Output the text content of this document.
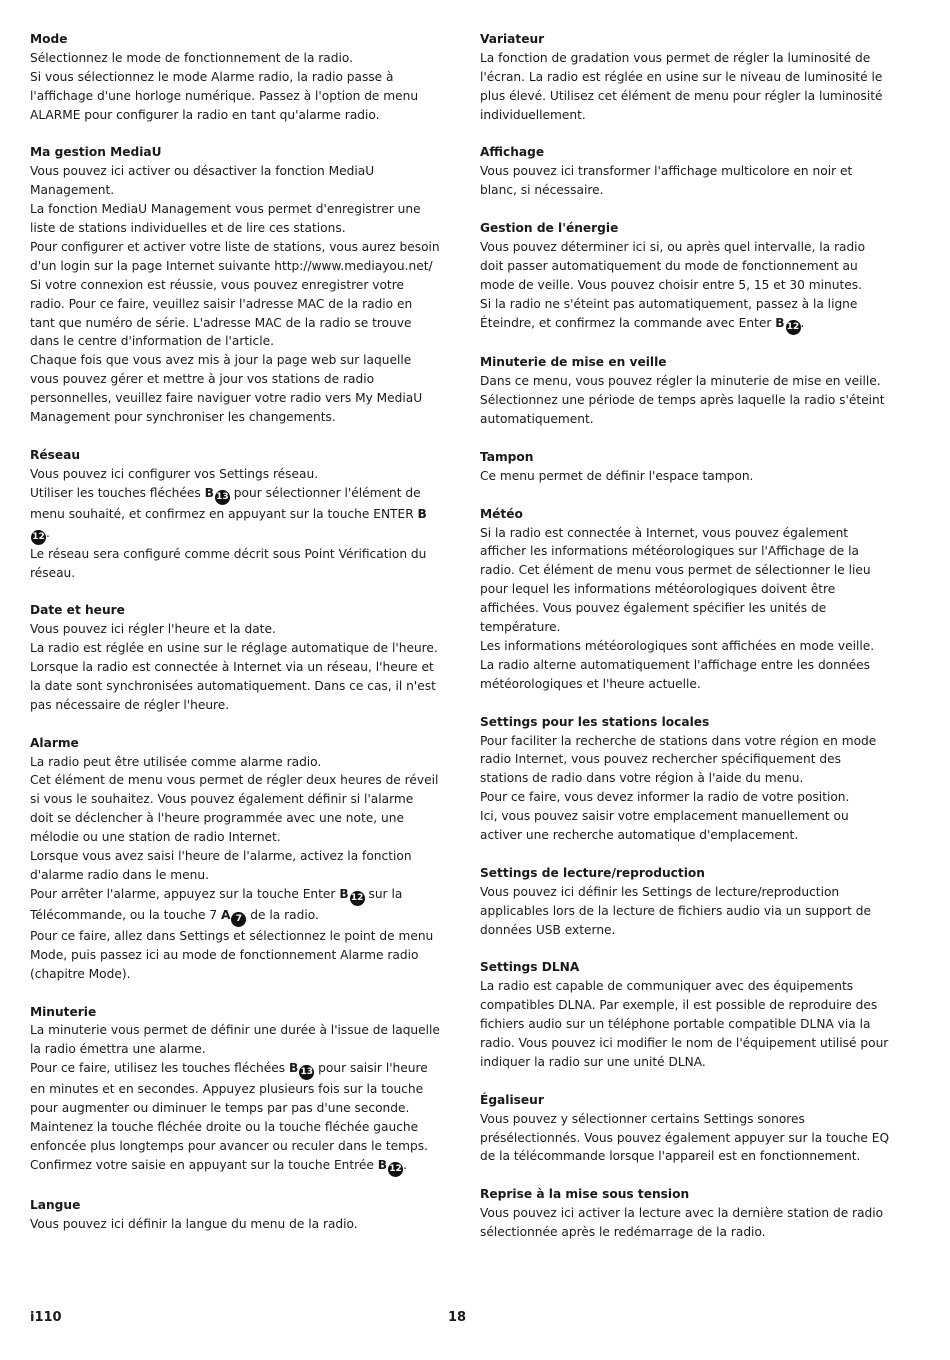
Mode

Sélectionnez le mode de fonctionnement de la radio.

Si vous sélectionnez le mode Alarme radio, la radio passe à l'affichage d'une horloge numérique. Passez à l'option de menu ALARME pour configurer la radio en tant qu'alarme radio.

Ma gestion MediaU

Vous pouvez ici activer ou désactiver la fonction MediaU Management.

La fonction MediaU Management vous permet d'enregistrer une liste de stations individuelles et de lire ces stations.

Pour configurer et activer votre liste de stations, vous aurez besoin d'un login sur la page Internet suivante http://www.mediayou.net/

Si votre connexion est réussie, vous pouvez enregistrer votre radio. Pour ce faire, veuillez saisir l'adresse MAC de la radio en tant que numéro de série. L'adresse MAC de la radio se trouve dans le centre d'information de l'article.

Chaque fois que vous avez mis à jour la page web sur laquelle vous pouvez gérer et mettre à jour vos stations de radio personnelles, veuillez faire naviguer votre radio vers My MediaU Management pour synchroniser les changements.

Réseau

Vous pouvez ici configurer vos Settings réseau.

Utiliser les touches fléchées B 13 pour sélectionner l'élément de menu souhaité, et confirmez en appuyant sur la touche ENTER B12.

Le réseau sera configuré comme décrit sous Point Vérification du réseau.

Date et heure

Vous pouvez ici régler l'heure et la date.

La radio est réglée en usine sur le réglage automatique de l'heure. Lorsque la radio est connectée à Internet via un réseau, l'heure et la date sont synchronisées automatiquement. Dans ce cas, il n'est pas nécessaire de régler l'heure.

Alarme

La radio peut être utilisée comme alarme radio.

Cet élément de menu vous permet de régler deux heures de réveil si vous le souhaitez. Vous pouvez également définir si l'alarme doit se déclencher à l'heure programmée avec une note, une mélodie ou une station de radio Internet.

Lorsque vous avez saisi l'heure de l'alarme, activez la fonction d'alarme radio dans le menu.

Pour arrêter l'alarme, appuyez sur la touche Enter B 12 sur la Télécommande, ou la touche 7 A 7 de la radio.

Pour ce faire, allez dans Settings et sélectionnez le point de menu Mode, puis passez ici au mode de fonctionnement Alarme radio (chapitre Mode).

Minuterie

La minuterie vous permet de définir une durée à l'issue de laquelle la radio émettra une alarme.

Pour ce faire, utilisez les touches fléchées B 13 pour saisir l'heure en minutes et en secondes. Appuyez plusieurs fois sur la touche pour augmenter ou diminuer le temps par pas d'une seconde. Maintenez la touche fléchée droite ou la touche fléchée gauche enfoncée plus longtemps pour avancer ou reculer dans le temps.

Confirmez votre saisie en appuyant sur la touche Entrée B 12.

Langue

Vous pouvez ici définir la langue du menu de la radio.

Variateur

La fonction de gradation vous permet de régler la luminosité de l'écran. La radio est réglée en usine sur le niveau de luminosité le plus élevé. Utilisez cet élément de menu pour régler la luminosité individuellement.

Affichage

Vous pouvez ici transformer l'affichage multicolore en noir et blanc, si nécessaire.

Gestion de l'énergie

Vous pouvez déterminer ici si, ou après quel intervalle, la radio doit passer automatiquement du mode de fonctionnement au mode de veille. Vous pouvez choisir entre 5, 15 et 30 minutes.

Si la radio ne s'éteint pas automatiquement, passez à la ligne Éteindre, et confirmez la commande avec Enter B 12.

Minuterie de mise en veille

Dans ce menu, vous pouvez régler la minuterie de mise en veille. Sélectionnez une période de temps après laquelle la radio s'éteint automatiquement.

Tampon

Ce menu permet de définir l'espace tampon.

Météo

Si la radio est connectée à Internet, vous pouvez également afficher les informations météorologiques sur l'Affichage de la radio. Cet élément de menu vous permet de sélectionner le lieu pour lequel les informations météorologiques doivent être affichées. Vous pouvez également spécifier les unités de température.

Les informations météorologiques sont affichées en mode veille.

La radio alterne automatiquement l'affichage entre les données météorologiques et l'heure actuelle.

Settings pour les stations locales

Pour faciliter la recherche de stations dans votre région en mode radio Internet, vous pouvez rechercher spécifiquement des stations de radio dans votre région à l'aide du menu.

Pour ce faire, vous devez informer la radio de votre position.

Ici, vous pouvez saisir votre emplacement manuellement ou activer une recherche automatique d'emplacement.

Settings de lecture/reproduction

Vous pouvez ici définir les Settings de lecture/reproduction applicables lors de la lecture de fichiers audio via un support de données USB externe.

Settings DLNA

La radio est capable de communiquer avec des équipements compatibles DLNA. Par exemple, il est possible de reproduire des fichiers audio sur un téléphone portable compatible DLNA via la radio. Vous pouvez ici modifier le nom de l'équipement utilisé pour indiquer la radio sur une unité DLNA.

Égaliseur

Vous pouvez y sélectionner certains Settings sonores présélectionnés. Vous pouvez également appuyer sur la touche EQ de la télécommande lorsque l'appareil est en fonctionnement.

Reprise à la mise sous tension

Vous pouvez ici activer la lecture avec la dernière station de radio sélectionnée après le redémarrage de la radio.

i110	18
